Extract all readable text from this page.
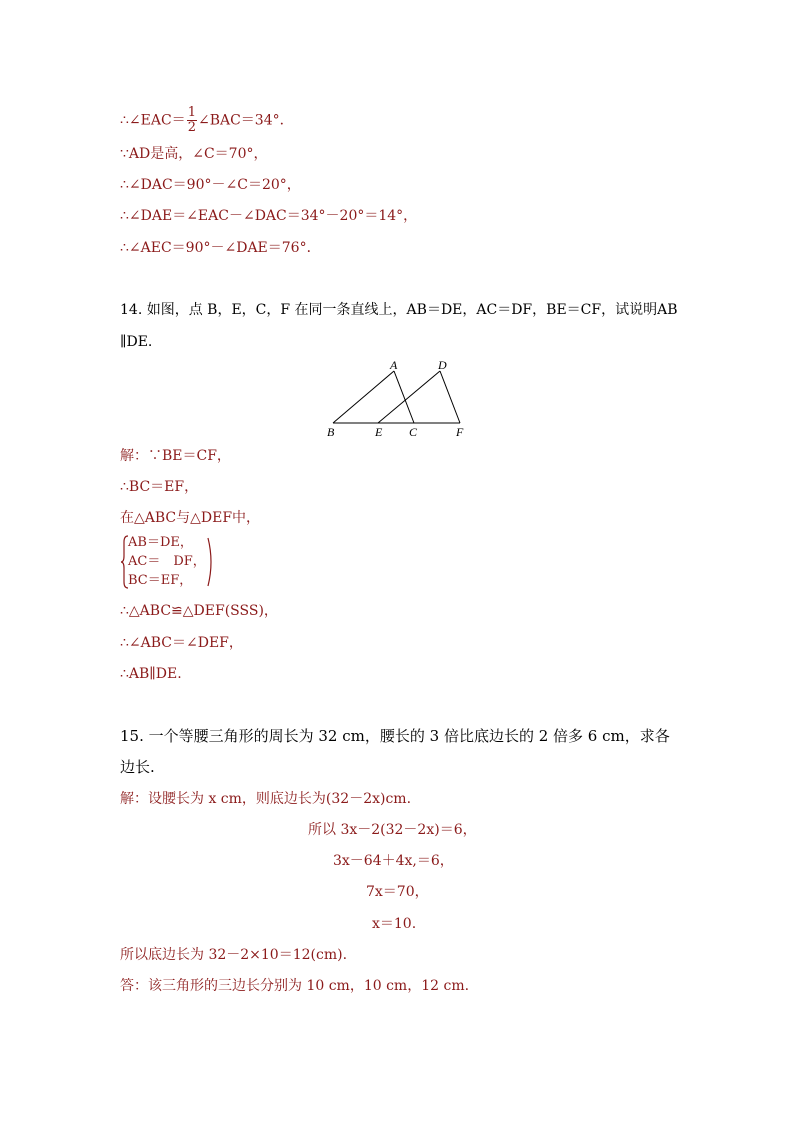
∴∠EAC＝ $\frac{1}{2}$ ∠BAC＝34°．
∵AD是高，∠C＝70°，
∴∠DAC＝90°－∠C＝20°，
∴∠DAE＝∠EAC－∠DAC＝34°－20°＝14°，
∴∠AEC＝90°－∠DAE＝76°．
14. 如图，点 B，E，C，F 在同一条直线上，AB＝DE，AC＝DF，BE＝CF，试说明AB
∥DE.
A	D
B	E C	F
解：∵BE＝CF，
∴BC＝EF，
在△ABC与△DEF中，
AB＝DE，
AC＝　DF，
BC＝EF，
∴△ABC≌△DEF(SSS)，
∴∠ABC＝∠DEF，
∴AB∥DE.
15. 一个等腰三角形的周长为 32 cm，腰长的 3 倍比底边长的 2 倍多 6 cm，求各
边长.
解：设腰长为 x cm，则底边长为(32－2x)cm.
所以 3x－2(32－2x)＝6，
3x－64＋4x,＝6，
7x＝70，
x＝10.
所以底边长为 32－2×10＝12(cm).
答：该三角形的三边长分别为 10 cm，10 cm，12 cm.
